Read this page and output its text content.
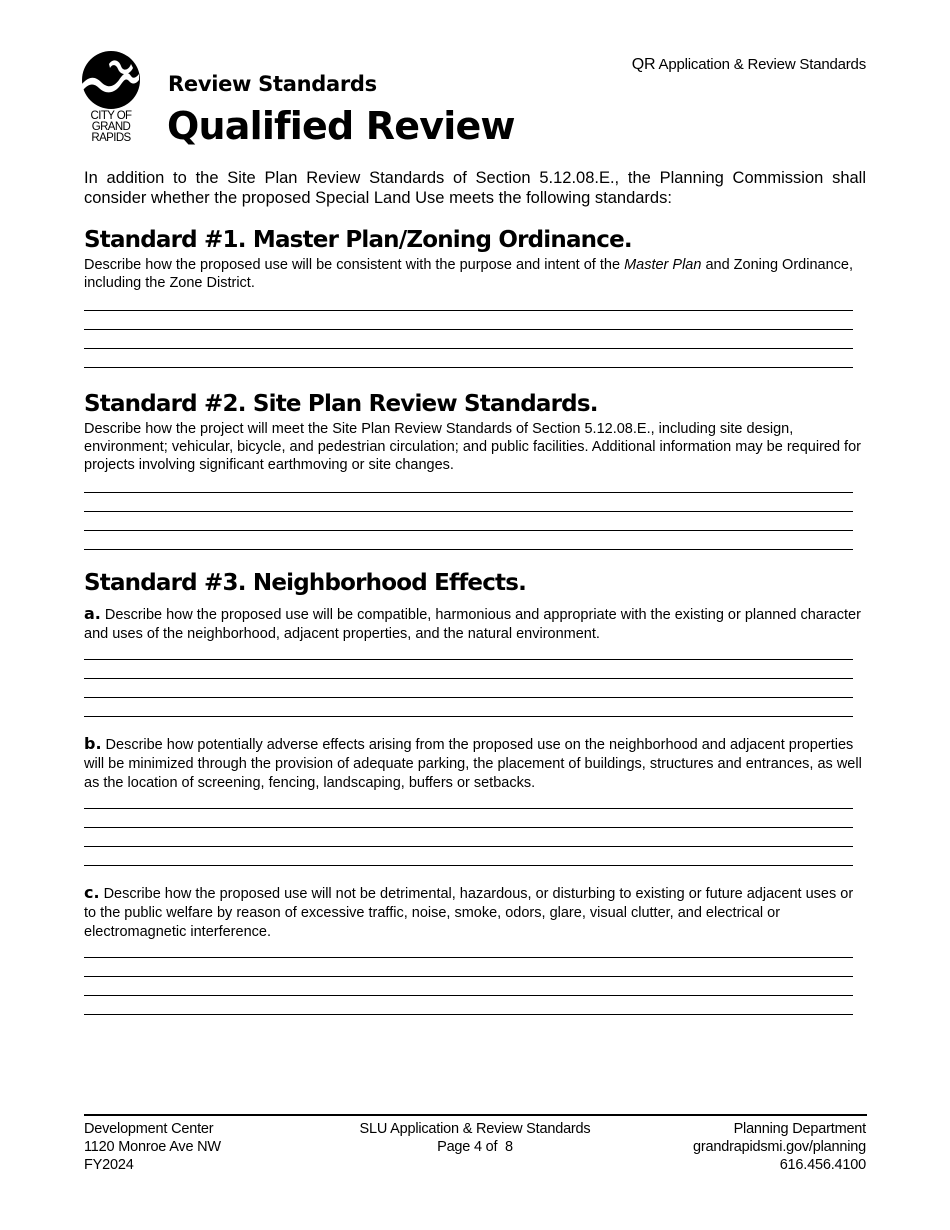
CITY OF
GRAND
RAPIDS
QR Application & Review Standards
Review Standards
Qualified Review

In addition to the Site Plan Review Standards of Section 5.12.08.E., the Planning Commission shall consider whether the proposed Special Land Use meets the following standards:

Standard #1. Master Plan/Zoning Ordinance.

Describe how the proposed use will be consistent with the purpose and intent of the Master Plan and Zoning Ordinance, including the Zone District.

Standard #2. Site Plan Review Standards.

Describe how the project will meet the Site Plan Review Standards of Section 5.12.08.E., including site design, environment; vehicular, bicycle, and pedestrian circulation; and public facilities. Additional information may be required for projects involving significant earthmoving or site changes.

Standard #3. Neighborhood Effects.

a. Describe how the proposed use will be compatible, harmonious and appropriate with the existing or planned character and uses of the neighborhood, adjacent properties, and the natural environment.

b. Describe how potentially adverse effects arising from the proposed use on the neighborhood and adjacent properties will be minimized through the provision of adequate parking, the placement of buildings, structures and entrances, as well as the location of screening, fencing, landscaping, buffers or setbacks.

c. Describe how the proposed use will not be detrimental, hazardous, or disturbing to existing or future adjacent uses or to the public welfare by reason of excessive traffic, noise, smoke, odors, glare, visual clutter, and electrical or electromagnetic interference.

Development Center
1120 Monroe Ave NW
FY2024
SLU Application & Review Standards
Page 4 of  8
Planning Department
grandrapidsmi.gov/planning
616.456.4100
